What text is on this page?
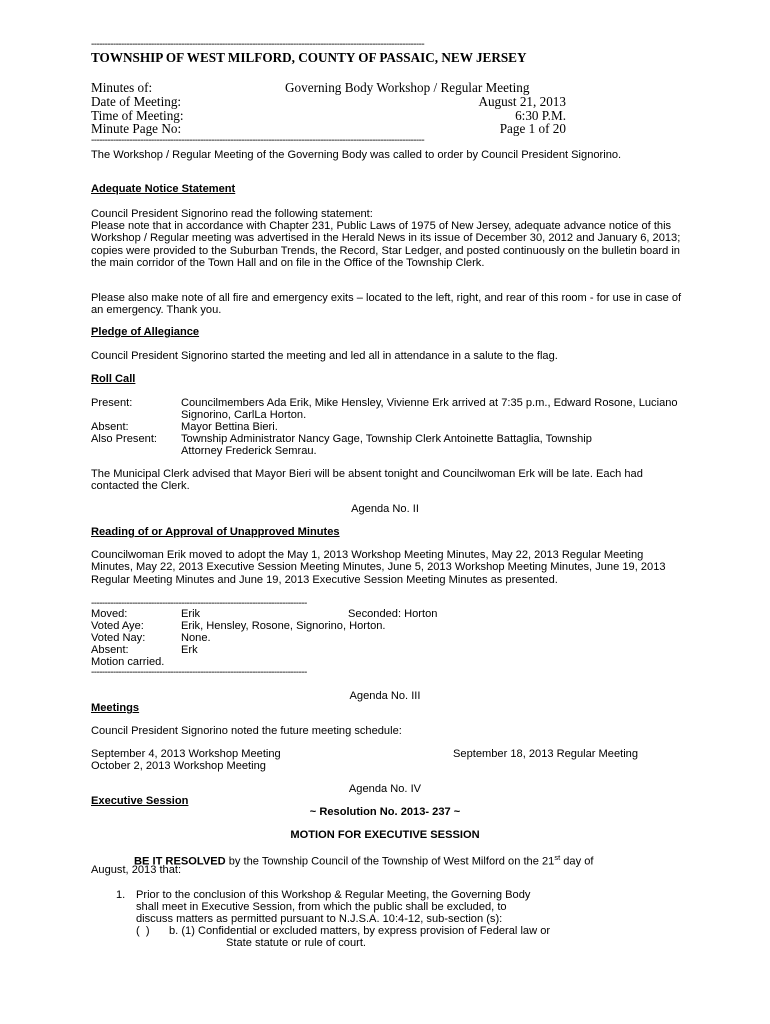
--------------------------------------------------------------------------------------------------------------------------
TOWNSHIP OF WEST MILFORD, COUNTY OF PASSAIC, NEW JERSEY
Minutes of:	Governing Body Workshop / Regular Meeting
Date of Meeting:	August 21, 2013
Time of Meeting:	6:30 P.M.
Minute Page No:	Page 1 of 20
--------------------------------------------------------------------------------------------------------------------------

The Workshop / Regular Meeting of the Governing Body was called to order by Council President Signorino.

Adequate Notice Statement

Council President Signorino read the following statement:

Please note that in accordance with Chapter 231, Public Laws of 1975 of New Jersey, adequate advance notice of this Workshop / Regular meeting was advertised in the Herald News in its issue of December 30, 2012 and January 6, 2013; copies were provided to the Suburban Trends, the Record, Star Ledger, and posted continuously on the bulletin board in the main corridor of the Town Hall and on file in the Office of the Township Clerk.

Please also make note of all fire and emergency exits – located to the left, right, and rear of this room - for use in case of an emergency. Thank you.

Pledge of Allegiance

Council President Signorino started the meeting and led all in attendance in a salute to the flag.

Roll Call
Present:	Councilmembers Ada Erik, Mike Hensley, Vivienne Erk arrived at 7:35 p.m., Edward Rosone, Luciano Signorino, CarlLa Horton.

Absent:	Mayor Bettina Bieri.

Also Present: Township Administrator Nancy Gage, Township Clerk Antoinette Battaglia, Township Attorney Frederick Semrau.

The Municipal Clerk advised that Mayor Bieri will be absent tonight and Councilwoman Erk will be late. Each had contacted the Clerk.

Agenda No. II
Reading of or Approval of Unapproved Minutes

Councilwoman Erik moved to adopt the May 1, 2013 Workshop Meeting Minutes, May 22, 2013 Regular Meeting Minutes, May 22, 2013 Executive Session Meeting Minutes, June 5, 2013 Workshop Meeting Minutes, June 19, 2013 Regular Meeting Minutes and June 19, 2013 Executive Session Meeting Minutes as presented.

-------------------------------------------------------------------------------
Moved:	Erik	Seconded: Horton
Voted Aye:	Erik, Hensley, Rosone, Signorino, Horton.
Voted Nay:	None.
Absent:	Erk
Motion carried.
-------------------------------------------------------------------------------
Agenda No. III
Meetings

Council President Signorino noted the future meeting schedule:

September 4, 2013 Workshop Meeting	September 18, 2013 Regular Meeting
October 2, 2013 Workshop Meeting
Agenda No. IV
Executive Session
~ Resolution No. 2013- 237 ~
MOTION FOR EXECUTIVE SESSION

BE IT RESOLVED by the Township Council of the Township of West Milford on the 21st day of

August, 2013 that:
1. Prior to the conclusion of this Workshop & Regular Meeting, the Governing Body
shall meet in Executive Session, from which the public shall be excluded, to
discuss matters as permitted pursuant to N.J.S.A. 10:4-12, sub-section (s):
(  ) b. (1) Confidential or excluded matters, by express provision of Federal law or
State statute or rule of court.
